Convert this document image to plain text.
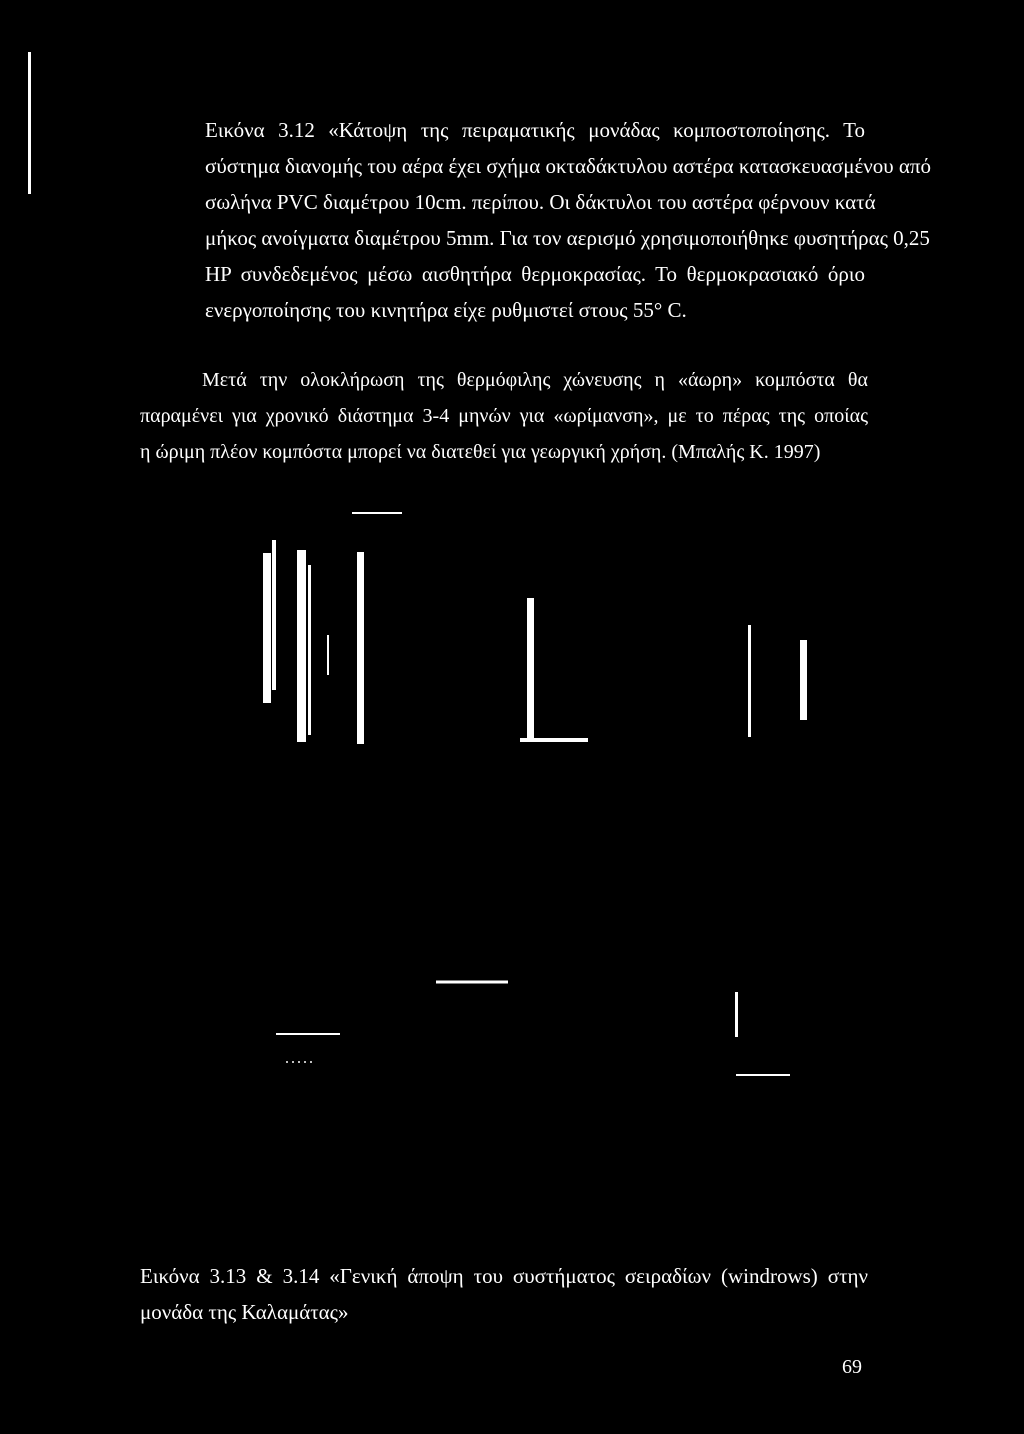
Εικόνα 3.12 «Κάτοψη της πειραματικής μονάδας κομποστοποίησης. Το
σύστημα διανομής του αέρα έχει σχήμα οκταδάκτυλου αστέρα κατασκευασμένου από
σωλήνα PVC διαμέτρου 10cm. περίπου. Οι δάκτυλοι του αστέρα φέρνουν κατά
μήκος ανοίγματα διαμέτρου 5mm. Για τον αερισμό χρησιμοποιήθηκε φυσητήρας 0,25
HP συνδεδεμένος μέσω αισθητήρα θερμοκρασίας. Το θερμοκρασιακό όριο
ενεργοποίησης του κινητήρα είχε ρυθμιστεί στους 55° C.

Μετά την ολοκλήρωση της θερμόφιλης χώνευσης η «άωρη» κομπόστα θα
παραμένει για χρονικό διάστημα 3-4 μηνών για «ωρίμανση», με το πέρας της οποίας
η ώριμη πλέον κομπόστα μπορεί να διατεθεί για γεωργική χρήση. (Μπαλής Κ. 1997)

Εικόνα 3.13 & 3.14 «Γενική άποψη του συστήματος σειραδίων (windrows) στην
μονάδα της Καλαμάτας»

69
